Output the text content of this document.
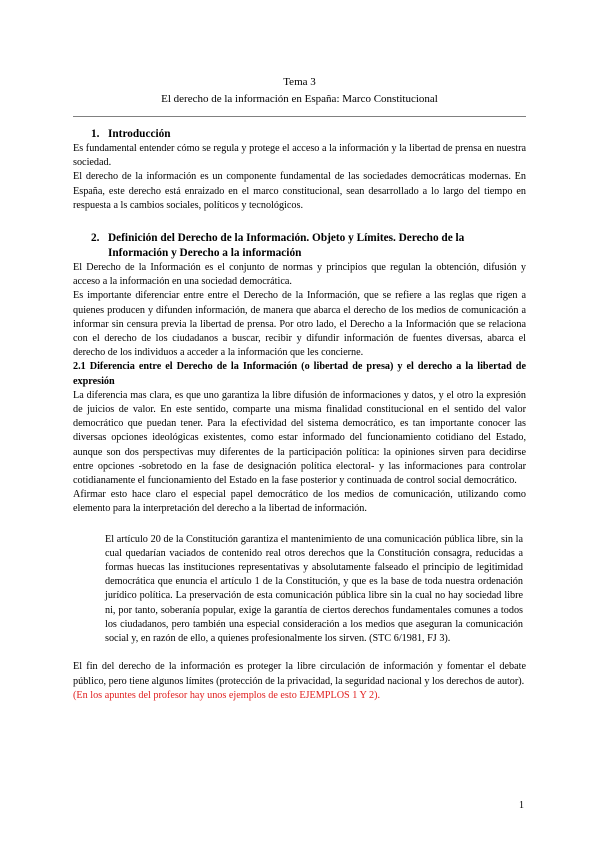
Tema 3

El derecho de la información en España: Marco Constitucional

1. Introducción

Es fundamental entender cómo se regula y protege el acceso a la información y la libertad de prensa en nuestra sociedad.

El derecho de la información es un componente fundamental de las sociedades democráticas modernas. En España, este derecho está enraizado en el marco constitucional, sean desarrollado a lo largo del tiempo en respuesta a ls cambios sociales, políticos y tecnológicos.

2. Definición del Derecho de la Información. Objeto y Límites. Derecho de la
Información y Derecho a la información

El Derecho de la Información es el conjunto de normas y principios que regulan la obtención, difusión y acceso a la información en una sociedad democrática.

Es importante diferenciar entre entre el Derecho de la Información, que se refiere a las reglas que rigen a quienes producen y difunden información, de manera que abarca el derecho de los medios de comunicación a informar sin censura previa la libertad de prensa. Por otro lado, el Derecho a la Información que se relaciona con el derecho de los ciudadanos a buscar, recibir y difundir información de fuentes diversas, abarca el derecho de los individuos a acceder a la información que les concierne.

2.1 Diferencia entre el Derecho de la Información (o libertad de presa) y el derecho a la libertad de expresión

La diferencia mas clara, es que uno garantiza la libre difusión de informaciones y datos, y el otro la expresión de juicios de valor. En este sentido, comparte una misma finalidad constitucional en el sentido del valor democrático que puedan tener. Para la efectividad del sistema democrático, es tan importante conocer las diversas opciones ideológicas existentes, como estar informado del funcionamiento cotidiano del Estado, aunque son dos perspectivas muy diferentes de la participación política: la opiniones sirven para decidirse entre opciones -sobretodo en la fase de designación política electoral- y las informaciones para controlar cotidianamente el funcionamiento del Estado en la fase posterior y continuada de control social democrático.

Afirmar esto hace claro el especial papel democrático de los medios de comunicación, utilizando como elemento para la interpretación del derecho a la libertad de información.

El artículo 20 de la Constitución garantiza el mantenimiento de una comunicación pública libre, sin la cual quedarían vaciados de contenido real otros derechos que la Constitución consagra, reducidas a formas huecas las instituciones representativas y absolutamente falseado el principio de legitimidad democrática que enuncia el artículo 1 de la Constitución, y que es la base de toda nuestra ordenación jurídico política. La preservación de esta comunicación pública libre sin la cual no hay sociedad libre ni, por tanto, soberanía popular, exige la garantía de ciertos derechos fundamentales comunes a todos los ciudadanos, pero también una especial consideración a los medios que aseguran la comunicación social y, en razón de ello, a quienes profesionalmente los sirven. (STC 6/1981, FJ 3).

El fin del derecho de la información es proteger la libre circulación de información y fomentar el debate público, pero tiene algunos límites (protección de la privacidad, la seguridad nacional y los derechos de autor).

(En los apuntes del profesor hay unos ejemplos de esto EJEMPLOS 1 Y 2).

1
